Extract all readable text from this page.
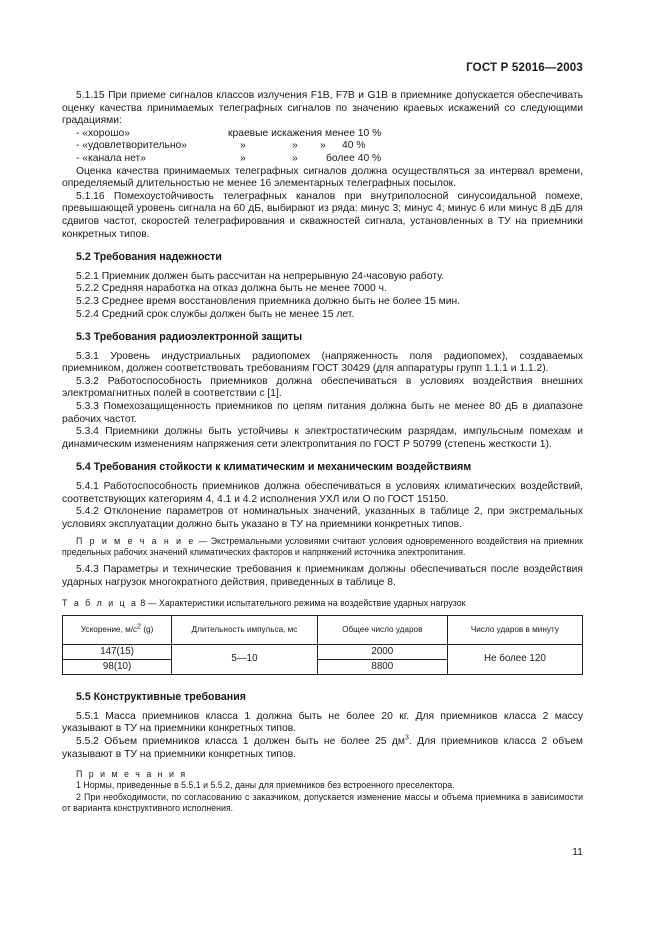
ГОСТ Р 52016—2003

5.1.15 При приеме сигналов классов излучения F1B, F7B и G1B в приемнике допускается обеспечивать оценку качества принимаемых телеграфных сигналов по значению краевых искажений со следующими градациями:

- «хорошо»	краевые искажения менее 10 %
- «удовлетворительно»	»	» » 40 %
- «канала нет»	»	»	более 40 %

Оценка качества принимаемых телеграфных сигналов должна осуществляться за интервал времени, определяемый длительностью не менее 16 элементарных телеграфных посылок.

5.1.16 Помехоустойчивость телеграфных каналов при внутриполосной синусоидальной помехе, превышающей уровень сигнала на 60 дБ, выбирают из ряда: минус 3; минус 4; минус 6 или минус 8 дБ для сдвигов частот, скоростей телеграфирования и скважностей сигнала, установленных в ТУ на приемники конкретных типов.

5.2 Требования надежности

5.2.1 Приемник должен быть рассчитан на непрерывную 24-часовую работу.

5.2.2 Средняя наработка на отказ должна быть не менее 7000 ч.

5.2.3 Среднее время восстановления приемника должно быть не более 15 мин.

5.2.4 Средний срок службы должен быть не менее 15 лет.

5.3 Требования радиоэлектронной защиты

5.3.1 Уровень индустриальных радиопомех (напряженность поля радиопомех), создаваемых приемником, должен соответствовать требованиям ГОСТ 30429 (для аппаратуры групп 1.1.1 и 1.1.2).

5.3.2 Работоспособность приемников должна обеспечиваться в условиях воздействия внешних электромагнитных полей в соответствии с [1].

5.3.3 Помехозащищенность приемников по цепям питания должна быть не менее 80 дБ в диапазоне рабочих частот.

5.3.4 Приемники должны быть устойчивы к электростатическим разрядам, импульсным помехам и динамическим изменениям напряжения сети электропитания по ГОСТ Р 50799 (степень жесткости 1).

5.4 Требования стойкости к климатическим и механическим воздействиям

5.4.1 Работоспособность приемников должна обеспечиваться в условиях климатических воздействий, соответствующих категориям 4, 4.1 и 4.2 исполнения УХЛ или О по ГОСТ 15150.

5.4.2 Отклонение параметров от номинальных значений, указанных в таблице 2, при экстремальных условиях эксплуатации должно быть указано в ТУ на приемники конкретных типов.

П р и м е ч а н и е — Экстремальными условиями считают условия одновременного воздействия на приемник предельных рабочих значений климатических факторов и напряжений источника электропитания.

5.4.3 Параметры и технические требования к приемникам должны обеспечиваться после воздействия ударных нагрузок многократного действия, приведенных в таблице 8.

Т а б л и ц а 8 — Характеристики испытательного режима на воздействие ударных нагрузок
Ускорение, $м/с^2$ (g)	Длительность импульса, мс	Общее число ударов	Число ударов в минуту
147(15)	5—10	2000	Не более 120
98(10)		8800	
5.5 Конструктивные требования

5.5.1 Масса приемников класса 1 должна быть не более 20 кг. Для приемников класса 2 массу указывают в ТУ на приемники конкретных типов.

5.5.2 Объем приемников класса 1 должен быть не более 25 $дм^3$. Для приемников класса 2 объем указывают в ТУ на приемники конкретных типов.

П р и м е ч а н и я

1 Нормы, приведенные в 5.5.1 и 5.5.2, даны для приемников без встроенного преселектора.

2 При необходимости, по согласованию с заказчиком, допускается изменение массы и объема приемника в зависимости от варианта конструктивного исполнения.

11
